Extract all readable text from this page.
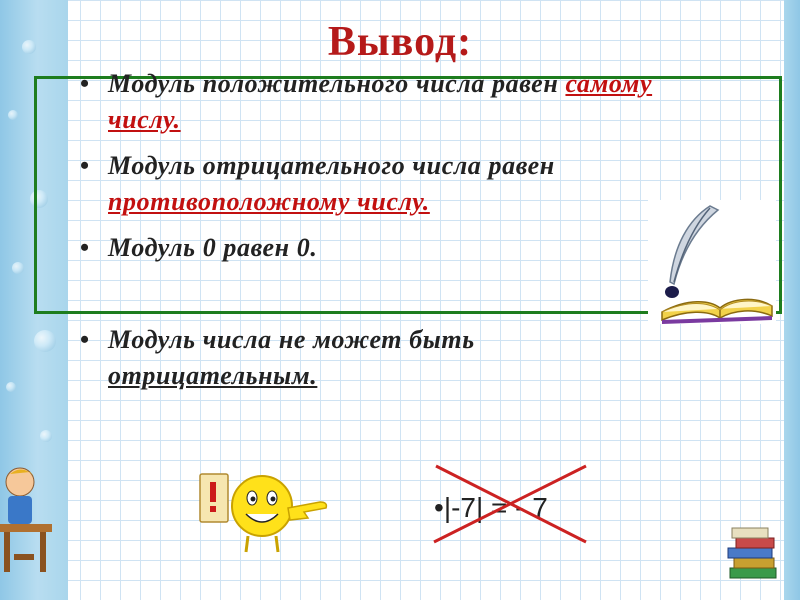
Вывод:
• Модуль положительного числа равен самому числу.
• Модуль отрицательного числа равен противоположному числу.
• Модуль 0 равен 0.
• Модуль числа не может быть отрицательным.
•|-7| = - 7
